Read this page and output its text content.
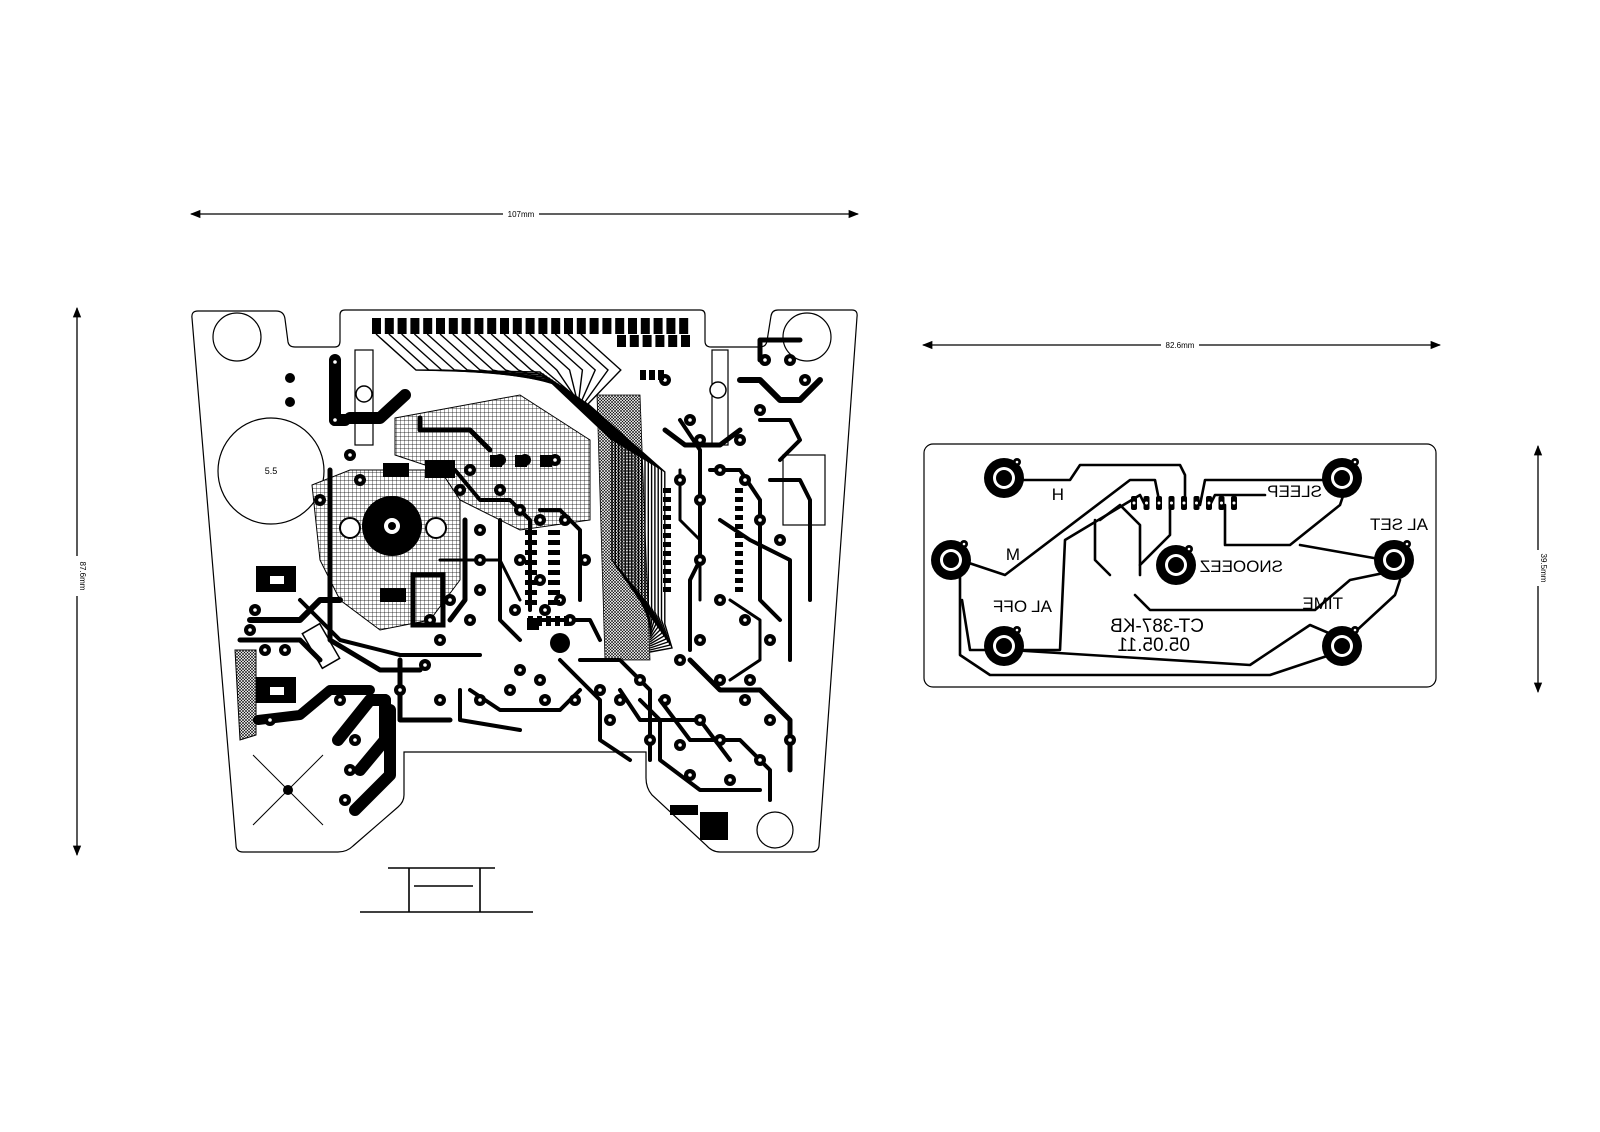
107mm
87.6mm
5.5
82.6mm
39.5mm
H
M
SLEEP
AL SET
SNOOEEZ
AL OFF	TIME
CT-387-KB
05.05.11
